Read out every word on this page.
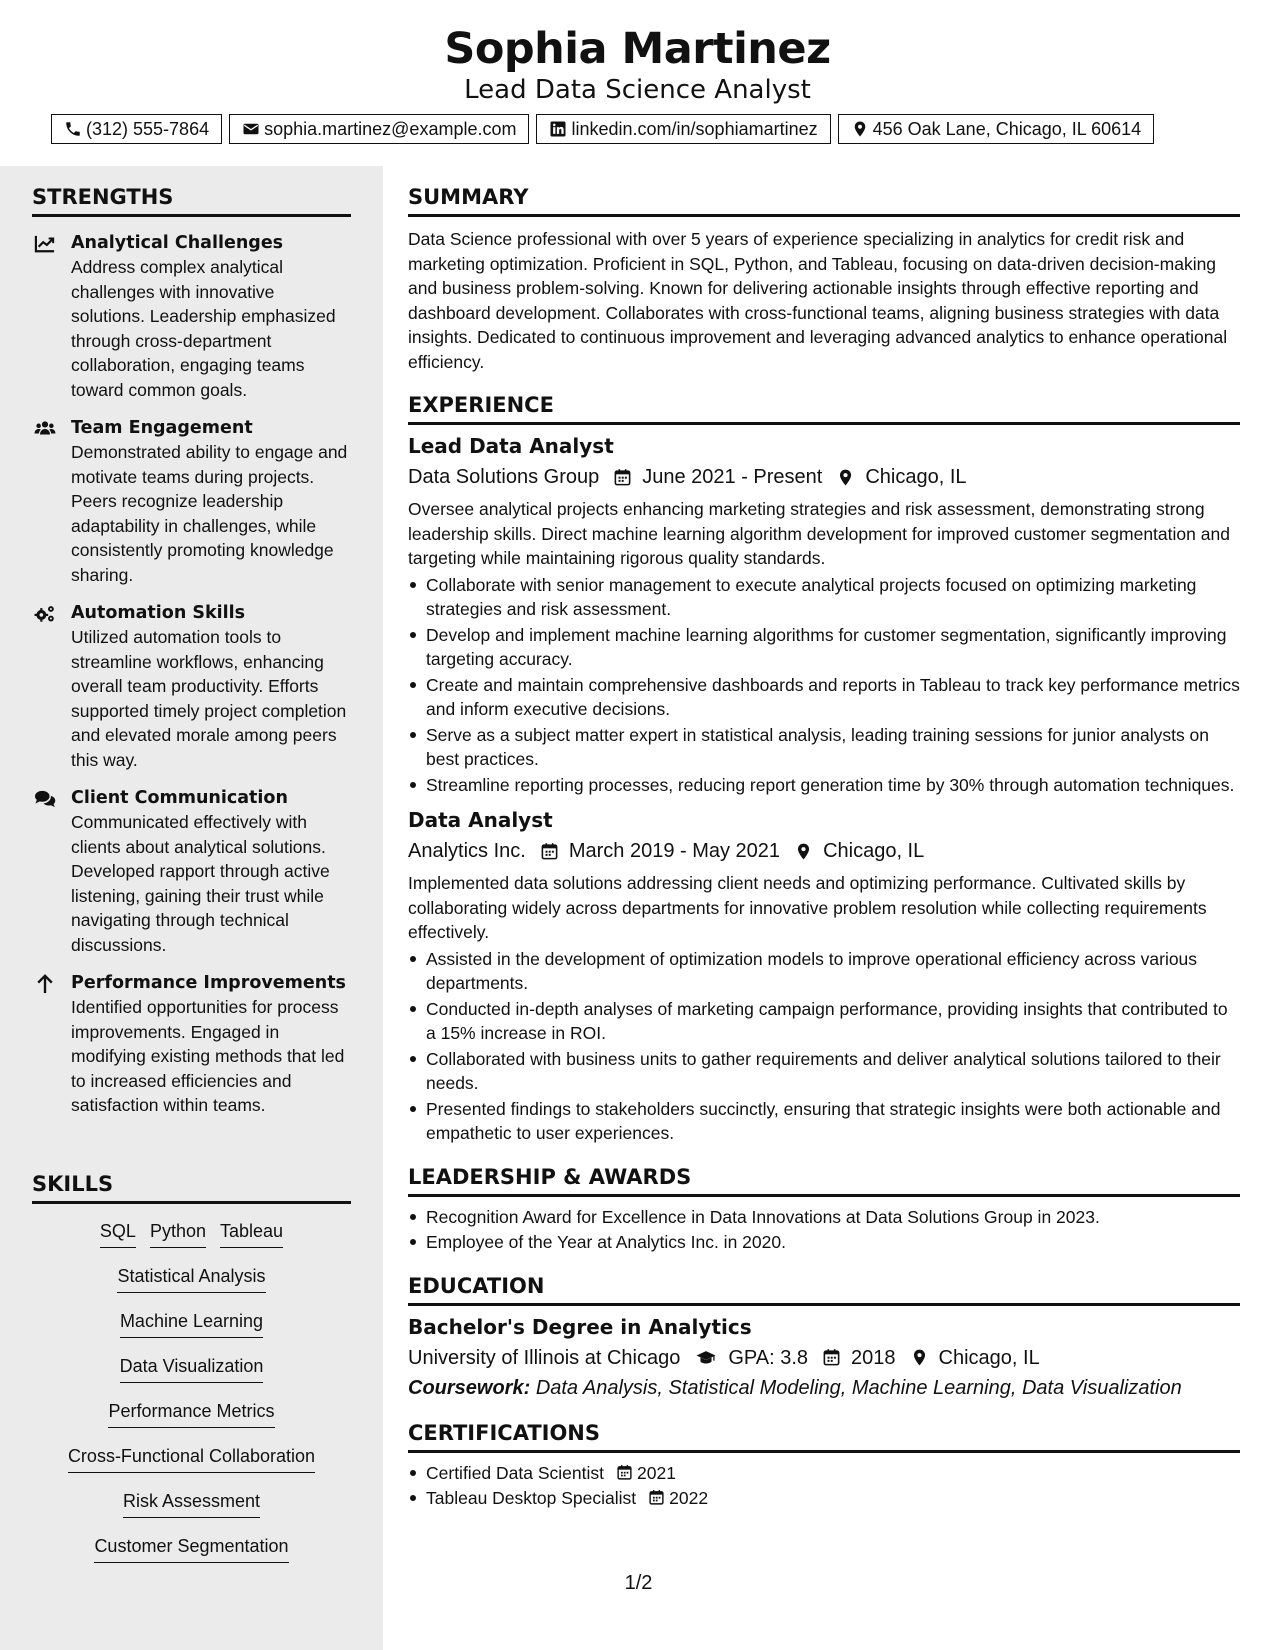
Sophia Martinez
Lead Data Science Analyst
(312) 555-7864	sophia.martinez@example.com	linkedin.com/in/sophiamartinez	456 Oak Lane, Chicago, IL 60614
STRENGTHS
Analytical Challenges
Address complex analytical challenges with innovative solutions. Leadership emphasized through cross-department collaboration, engaging teams toward common goals.
Team Engagement
Demonstrated ability to engage and motivate teams during projects. Peers recognize leadership adaptability in challenges, while consistently promoting knowledge sharing.
Automation Skills
Utilized automation tools to streamline workflows, enhancing overall team productivity. Efforts supported timely project completion and elevated morale among peers this way.
Client Communication
Communicated effectively with clients about analytical solutions. Developed rapport through active listening, gaining their trust while navigating through technical discussions.
Performance Improvements
Identified opportunities for process improvements. Engaged in modifying existing methods that led to increased efficiencies and satisfaction within teams.
SKILLS
SQL Python Tableau
Statistical Analysis
Machine Learning
Data Visualization
Performance Metrics
Cross-Functional Collaboration
Risk Assessment
Customer Segmentation
SUMMARY
Data Science professional with over 5 years of experience specializing in analytics for credit risk and marketing optimization. Proficient in SQL, Python, and Tableau, focusing on data-driven decision-making and business problem-solving. Known for delivering actionable insights through effective reporting and dashboard development. Collaborates with cross-functional teams, aligning business strategies with data insights. Dedicated to continuous improvement and leveraging advanced analytics to enhance operational efficiency.
EXPERIENCE
Lead Data Analyst
Data Solutions Group June 2021 - Present Chicago, IL
Oversee analytical projects enhancing marketing strategies and risk assessment, demonstrating strong leadership skills. Direct machine learning algorithm development for improved customer segmentation and targeting while maintaining rigorous quality standards.
Collaborate with senior management to execute analytical projects focused on optimizing marketing strategies and risk assessment.
Develop and implement machine learning algorithms for customer segmentation, significantly improving targeting accuracy.
Create and maintain comprehensive dashboards and reports in Tableau to track key performance metrics and inform executive decisions.
Serve as a subject matter expert in statistical analysis, leading training sessions for junior analysts on best practices.
Streamline reporting processes, reducing report generation time by 30% through automation techniques.
Data Analyst
Analytics Inc. March 2019 - May 2021 Chicago, IL
Implemented data solutions addressing client needs and optimizing performance. Cultivated skills by collaborating widely across departments for innovative problem resolution while collecting requirements effectively.
Assisted in the development of optimization models to improve operational efficiency across various departments.
Conducted in-depth analyses of marketing campaign performance, providing insights that contributed to a 15% increase in ROI.
Collaborated with business units to gather requirements and deliver analytical solutions tailored to their needs.
Presented findings to stakeholders succinctly, ensuring that strategic insights were both actionable and empathetic to user experiences.
LEADERSHIP & AWARDS
Recognition Award for Excellence in Data Innovations at Data Solutions Group in 2023.
Employee of the Year at Analytics Inc. in 2020.
EDUCATION
Bachelor's Degree in Analytics
University of Illinois at Chicago GPA: 3.8 2018 Chicago, IL
Coursework: Data Analysis, Statistical Modeling, Machine Learning, Data Visualization
CERTIFICATIONS
Certified Data Scientist 2021
Tableau Desktop Specialist 2022
1/2
